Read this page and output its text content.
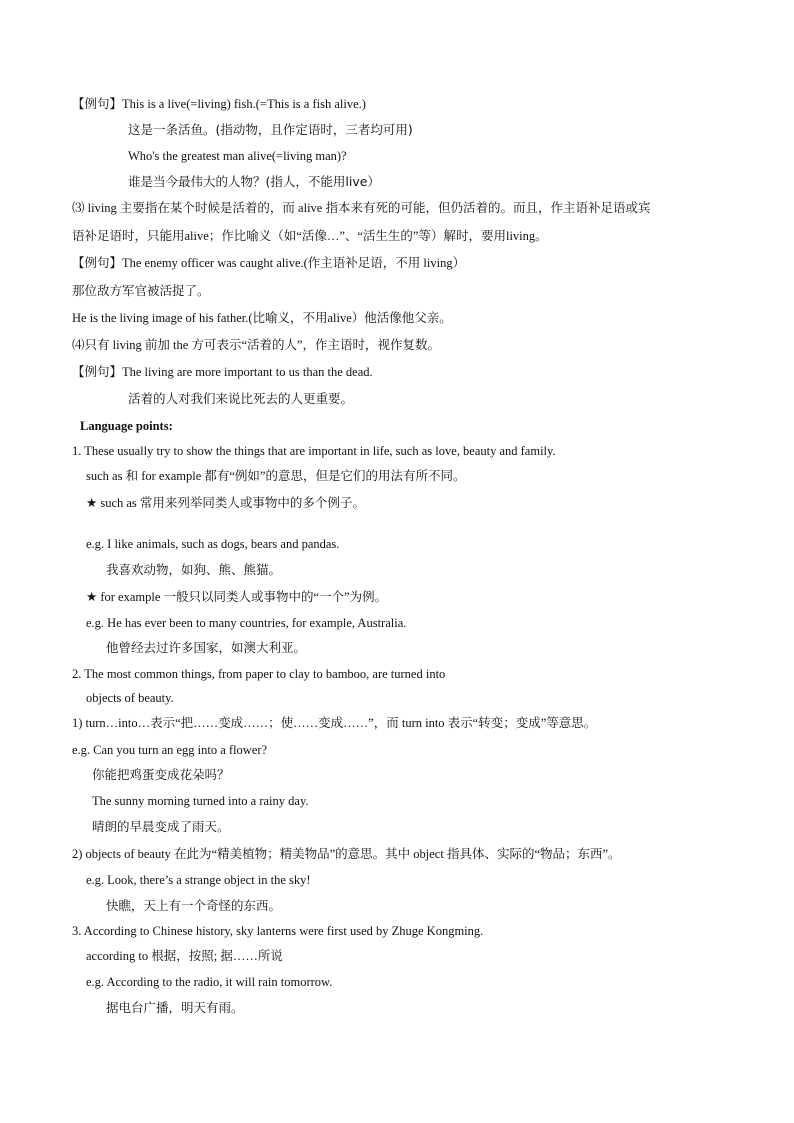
【例句】This is a live(=living) fish.(=This is a fish alive.)
这是一条活鱼。(指动物，且作定语时，三者均可用)
Who's the greatest man alive(=living man)?
谁是当今最伟大的人物？(指人，不能用live）
⑶ living 主要指在某个时候是活着的，而 alive 指本来有死的可能，但仍活着的。而且，作主语补足语或宾
语补足语时，只能用alive；作比喻义（如“活像…”、“活生生的”等）解时，要用living。
【例句】The enemy officer was caught alive.(作主语补足语，不用 living）
那位敌方军官被活捉了。
He is the living image of his father.(比喻义，不用alive）他活像他父亲。
⑷只有 living 前加 the 方可表示“活着的人”，作主语时，视作复数。
【例句】The living are more important to us than the dead.
活着的人对我们来说比死去的人更重要。
Language points:
1. These usually try to show the things that are important in life, such as love, beauty and family.
such as 和 for example 都有“例如”的意思，但是它们的用法有所不同。
★ such as 常用来列举同类人或事物中的多个例子。
e.g. I like animals, such as dogs, bears and pandas.
我喜欢动物，如狗、熊、熊猫。
★ for example 一般只以同类人或事物中的“一个”为例。
e.g. He has ever been to many countries, for example, Australia.
他曾经去过许多国家，如澳大利亚。
2. The most common things, from paper to clay to bamboo, are turned into
objects of beauty.
1) turn…into…表示“把……变成……；使……变成……”，而 turn into 表示“转变；变成”等意思。
e.g. Can you turn an egg into a flower?
你能把鸡蛋变成花朵吗？
The sunny morning turned into a rainy day.
晴朗的早晨变成了雨天。
2) objects of beauty 在此为“精美植物；精美物品”的意思。其中 object 指具体、实际的“物品；东西”。
e.g. Look, there’s a strange object in the sky!
快瞧，天上有一个奇怪的东西。
3. According to Chinese history, sky lanterns were first used by Zhuge Kongming.
according to 根据，按照; 据……所说
e.g. According to the radio, it will rain tomorrow.
据电台广播，明天有雨。
